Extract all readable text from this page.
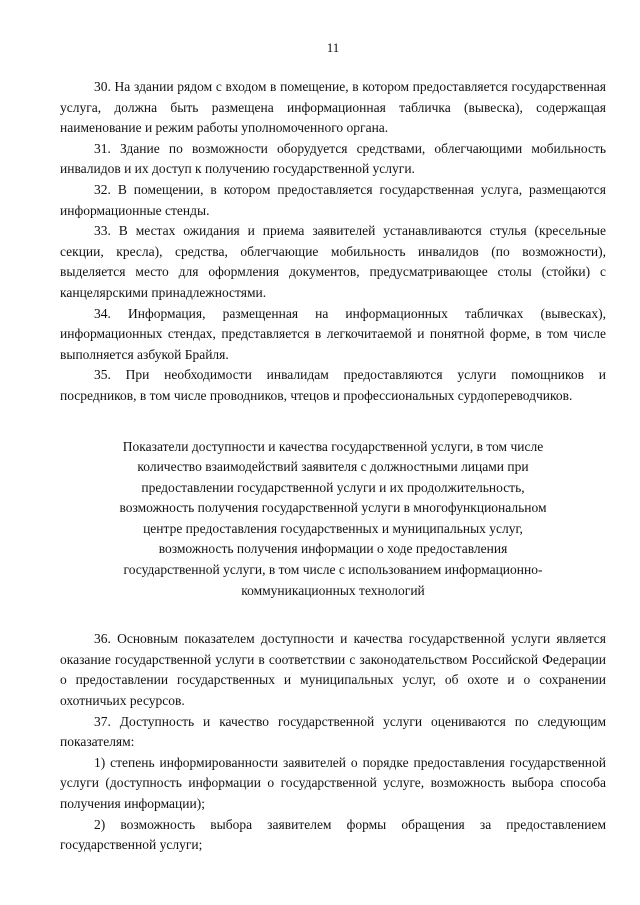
11

30. На здании рядом с входом в помещение, в котором предоставляется государственная услуга, должна быть размещена информационная табличка (вывеска), содержащая наименование и режим работы уполномоченного органа.

31. Здание по возможности оборудуется средствами, облегчающими мобильность инвалидов и их доступ к получению государственной услуги.

32. В помещении, в котором предоставляется государственная услуга, размещаются информационные стенды.

33. В местах ожидания и приема заявителей устанавливаются стулья (кресельные секции, кресла), средства, облегчающие мобильность инвалидов (по возможности), выделяется место для оформления документов, предусматривающее столы (стойки) с канцелярскими принадлежностями.

34. Информация, размещенная на информационных табличках (вывесках), информационных стендах, представляется в легкочитаемой и понятной форме, в том числе выполняется азбукой Брайля.

35. При необходимости инвалидам предоставляются услуги помощников и посредников, в том числе проводников, чтецов и профессиональных сурдопереводчиков.

Показатели доступности и качества государственной услуги, в том числе количество взаимодействий заявителя с должностными лицами при предоставлении государственной услуги и их продолжительность, возможность получения государственной услуги в многофункциональном центре предоставления государственных и муниципальных услуг, возможность получения информации о ходе предоставления государственной услуги, в том числе с использованием информационно-коммуникационных технологий

36. Основным показателем доступности и качества государственной услуги является оказание государственной услуги в соответствии с законодательством Российской Федерации о предоставлении государственных и муниципальных услуг, об охоте и о сохранении охотничьих ресурсов.

37. Доступность и качество государственной услуги оцениваются по следующим показателям:

1) степень информированности заявителей о порядке предоставления государственной услуги (доступность информации о государственной услуге, возможность выбора способа получения информации);

2) возможность выбора заявителем формы обращения за предоставлением государственной услуги;
